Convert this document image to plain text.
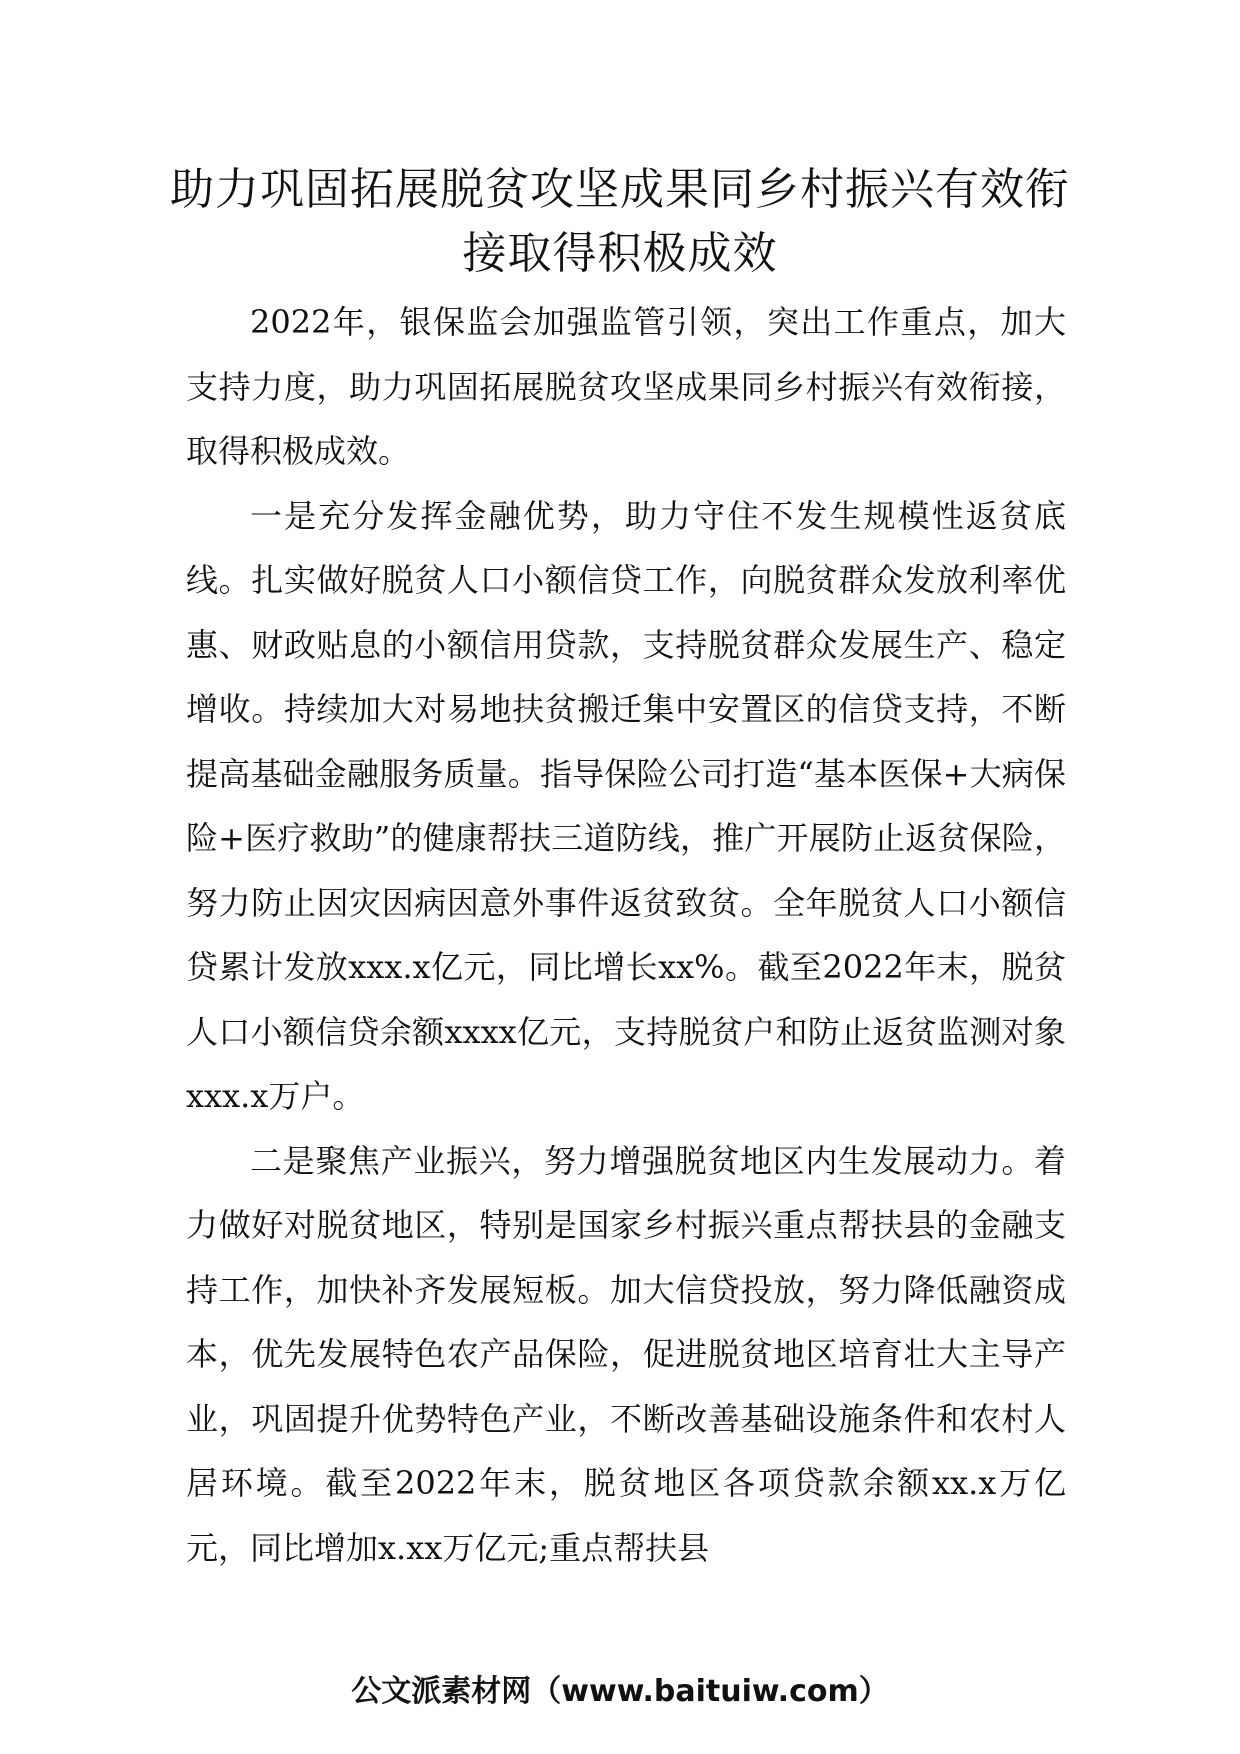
助力巩固拓展脱贫攻坚成果同乡村振兴有效衔接取得积极成效

2022年，银保监会加强监管引领，突出工作重点，加大支持力度，助力巩固拓展脱贫攻坚成果同乡村振兴有效衔接，取得积极成效。

一是充分发挥金融优势，助力守住不发生规模性返贫底线。扎实做好脱贫人口小额信贷工作，向脱贫群众发放利率优惠、财政贴息的小额信用贷款，支持脱贫群众发展生产、稳定增收。持续加大对易地扶贫搬迁集中安置区的信贷支持，不断提高基础金融服务质量。指导保险公司打造“基本医保+大病保险+医疗救助”的健康帮扶三道防线，推广开展防止返贫保险，努力防止因灾因病因意外事件返贫致贫。全年脱贫人口小额信贷累计发放xxx.x亿元，同比增长xx%。截至2022年末，脱贫人口小额信贷余额xxxx亿元，支持脱贫户和防止返贫监测对象xxx.x万户。

二是聚焦产业振兴，努力增强脱贫地区内生发展动力。着力做好对脱贫地区，特别是国家乡村振兴重点帮扶县的金融支持工作，加快补齐发展短板。加大信贷投放，努力降低融资成本，优先发展特色农产品保险，促进脱贫地区培育壮大主导产业，巩固提升优势特色产业，不断改善基础设施条件和农村人居环境。截至2022年末，脱贫地区各项贷款余额xx.x万亿元，同比增加x.xx万亿元;重点帮扶县

公文派素材网（www.baituiw.com）
